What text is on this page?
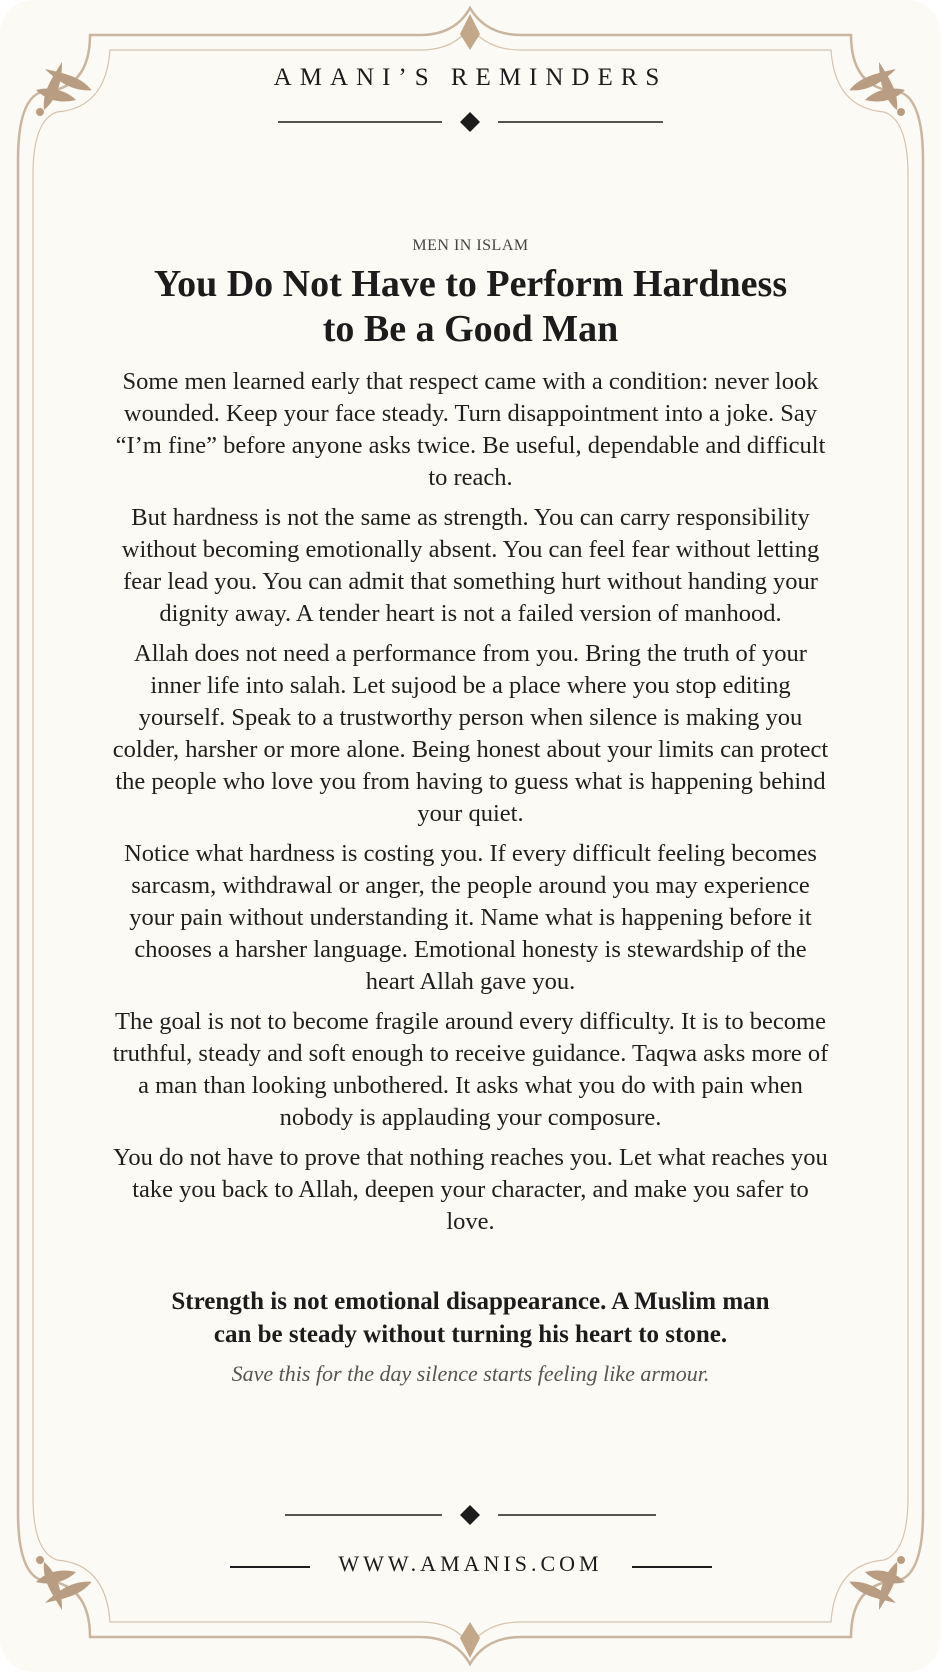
AMANI’S REMINDERS
MEN IN ISLAM
You Do Not Have to Perform Hardness
to Be a Good Man

Some men learned early that respect came with a condition: never look wounded. Keep your face steady. Turn disappointment into a joke. Say “I’m fine” before anyone asks twice. Be useful, dependable and difficult to reach.

But hardness is not the same as strength. You can carry responsibility without becoming emotionally absent. You can feel fear without letting fear lead you. You can admit that something hurt without handing your dignity away. A tender heart is not a failed version of manhood.

Allah does not need a performance from you. Bring the truth of your inner life into salah. Let sujood be a place where you stop editing yourself. Speak to a trustworthy person when silence is making you colder, harsher or more alone. Being honest about your limits can protect the people who love you from having to guess what is happening behind your quiet.

Notice what hardness is costing you. If every difficult feeling becomes sarcasm, withdrawal or anger, the people around you may experience your pain without understanding it. Name what is happening before it chooses a harsher language. Emotional honesty is stewardship of the heart Allah gave you.

The goal is not to become fragile around every difficulty. It is to become truthful, steady and soft enough to receive guidance. Taqwa asks more of a man than looking unbothered. It asks what you do with pain when nobody is applauding your composure.

You do not have to prove that nothing reaches you. Let what reaches you take you back to Allah, deepen your character, and make you safer to love.

Strength is not emotional disappearance. A Muslim man
can be steady without turning his heart to stone.
Save this for the day silence starts feeling like armour.
WWW.AMANIS.COM
